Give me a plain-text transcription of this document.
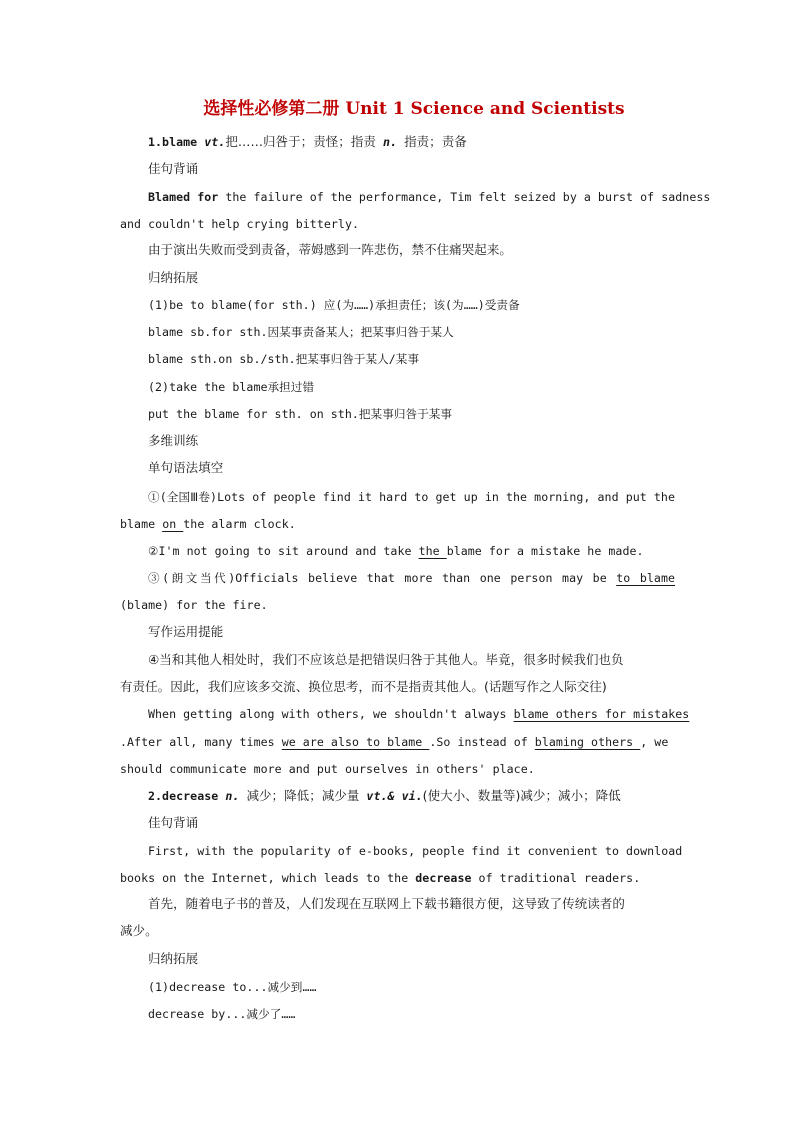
选择性必修第二册 Unit 1 Science and Scientists
1.blame vt.把……归咎于；责怪；指责 n. 指责；责备
佳句背诵
Blamed for the failure of the performance, Tim felt seized by a burst of sadness
and couldn't help crying bitterly.
由于演出失败而受到责备，蒂姆感到一阵悲伤，禁不住痛哭起来。
归纳拓展
(1)be to blame(for sth.) 应(为……)承担责任；该(为……)受责备
blame sb.for sth.因某事责备某人；把某事归咎于某人
blame sth.on sb./sth.把某事归咎于某人/某事
(2)take the blame承担过错
put the blame for sth. on sth.把某事归咎于某事
多维训练
单句语法填空
①(全国Ⅲ卷)Lots of people find it hard to get up in the morning, and put the
blame on the alarm clock.
②I'm not going to sit around and take the blame for a mistake he made.
③(朗文当代)Officials believe that more than one person may be to blame
(blame) for the fire.
写作运用提能
④当和其他人相处时，我们不应该总是把错误归咎于其他人。毕竟，很多时候我们也负
有责任。因此，我们应该多交流、换位思考，而不是指责其他人。(话题写作之人际交往)
When getting along with others, we shouldn't always blame others for mistakes
.After all, many times we are also to blame .So instead of blaming others , we
should communicate more and put ourselves in others' place.
2.decrease n. 减少；降低；减少量 vt.& vi.(使大小、数量等)减少；减小；降低
佳句背诵
First, with the popularity of e-books, people find it convenient to download
books on the Internet, which leads to the decrease of traditional readers.
首先，随着电子书的普及，人们发现在互联网上下载书籍很方便，这导致了传统读者的
减少。
归纳拓展
(1)decrease to...减少到……
decrease by...减少了……
